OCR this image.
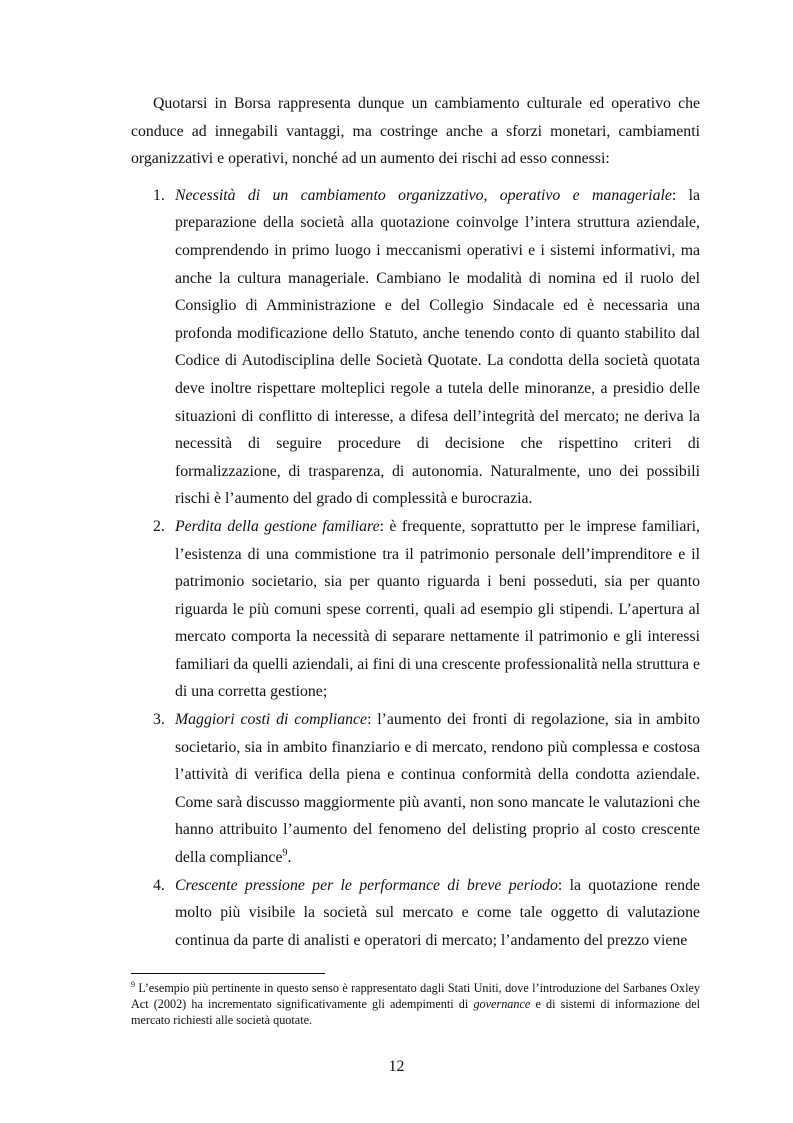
Quotarsi in Borsa rappresenta dunque un cambiamento culturale ed operativo che conduce ad innegabili vantaggi, ma costringe anche a sforzi monetari, cambiamenti organizzativi e operativi, nonché ad un aumento dei rischi ad esso connessi:

1. Necessità di un cambiamento organizzativo, operativo e manageriale: la preparazione della società alla quotazione coinvolge l’intera struttura aziendale, comprendendo in primo luogo i meccanismi operativi e i sistemi informativi, ma anche la cultura manageriale. Cambiano le modalità di nomina ed il ruolo del Consiglio di Amministrazione e del Collegio Sindacale ed è necessaria una profonda modificazione dello Statuto, anche tenendo conto di quanto stabilito dal Codice di Autodisciplina delle Società Quotate. La condotta della società quotata deve inoltre rispettare molteplici regole a tutela delle minoranze, a presidio delle situazioni di conflitto di interesse, a difesa dell’integrità del mercato; ne deriva la necessità di seguire procedure di decisione che rispettino criteri di formalizzazione, di trasparenza, di autonomia. Naturalmente, uno dei possibili rischi è l’aumento del grado di complessità e burocrazia.
2. Perdita della gestione familiare: è frequente, soprattutto per le imprese familiari, l’esistenza di una commistione tra il patrimonio personale dell’imprenditore e il patrimonio societario, sia per quanto riguarda i beni posseduti, sia per quanto riguarda le più comuni spese correnti, quali ad esempio gli stipendi. L’apertura al mercato comporta la necessità di separare nettamente il patrimonio e gli interessi familiari da quelli aziendali, ai fini di una crescente professionalità nella struttura e di una corretta gestione;
3. Maggiori costi di compliance: l’aumento dei fronti di regolazione, sia in ambito societario, sia in ambito finanziario e di mercato, rendono più complessa e costosa l’attività di verifica della piena e continua conformità della condotta aziendale. Come sarà discusso maggiormente più avanti, non sono mancate le valutazioni che hanno attribuito l’aumento del fenomeno del delisting proprio al costo crescente della compliance$^9$.
4. Crescente pressione per le performance di breve periodo: la quotazione rende molto più visibile la società sul mercato e come tale oggetto di valutazione continua da parte di analisti e operatori di mercato; l’andamento del prezzo viene
$^9$ L’esempio più pertinente in questo senso è rappresentato dagli Stati Uniti, dove l’introduzione del Sarbanes Oxley Act (2002) ha incrementato significativamente gli adempimenti di governance e di sistemi di informazione del mercato richiesti alle società quotate.
12
